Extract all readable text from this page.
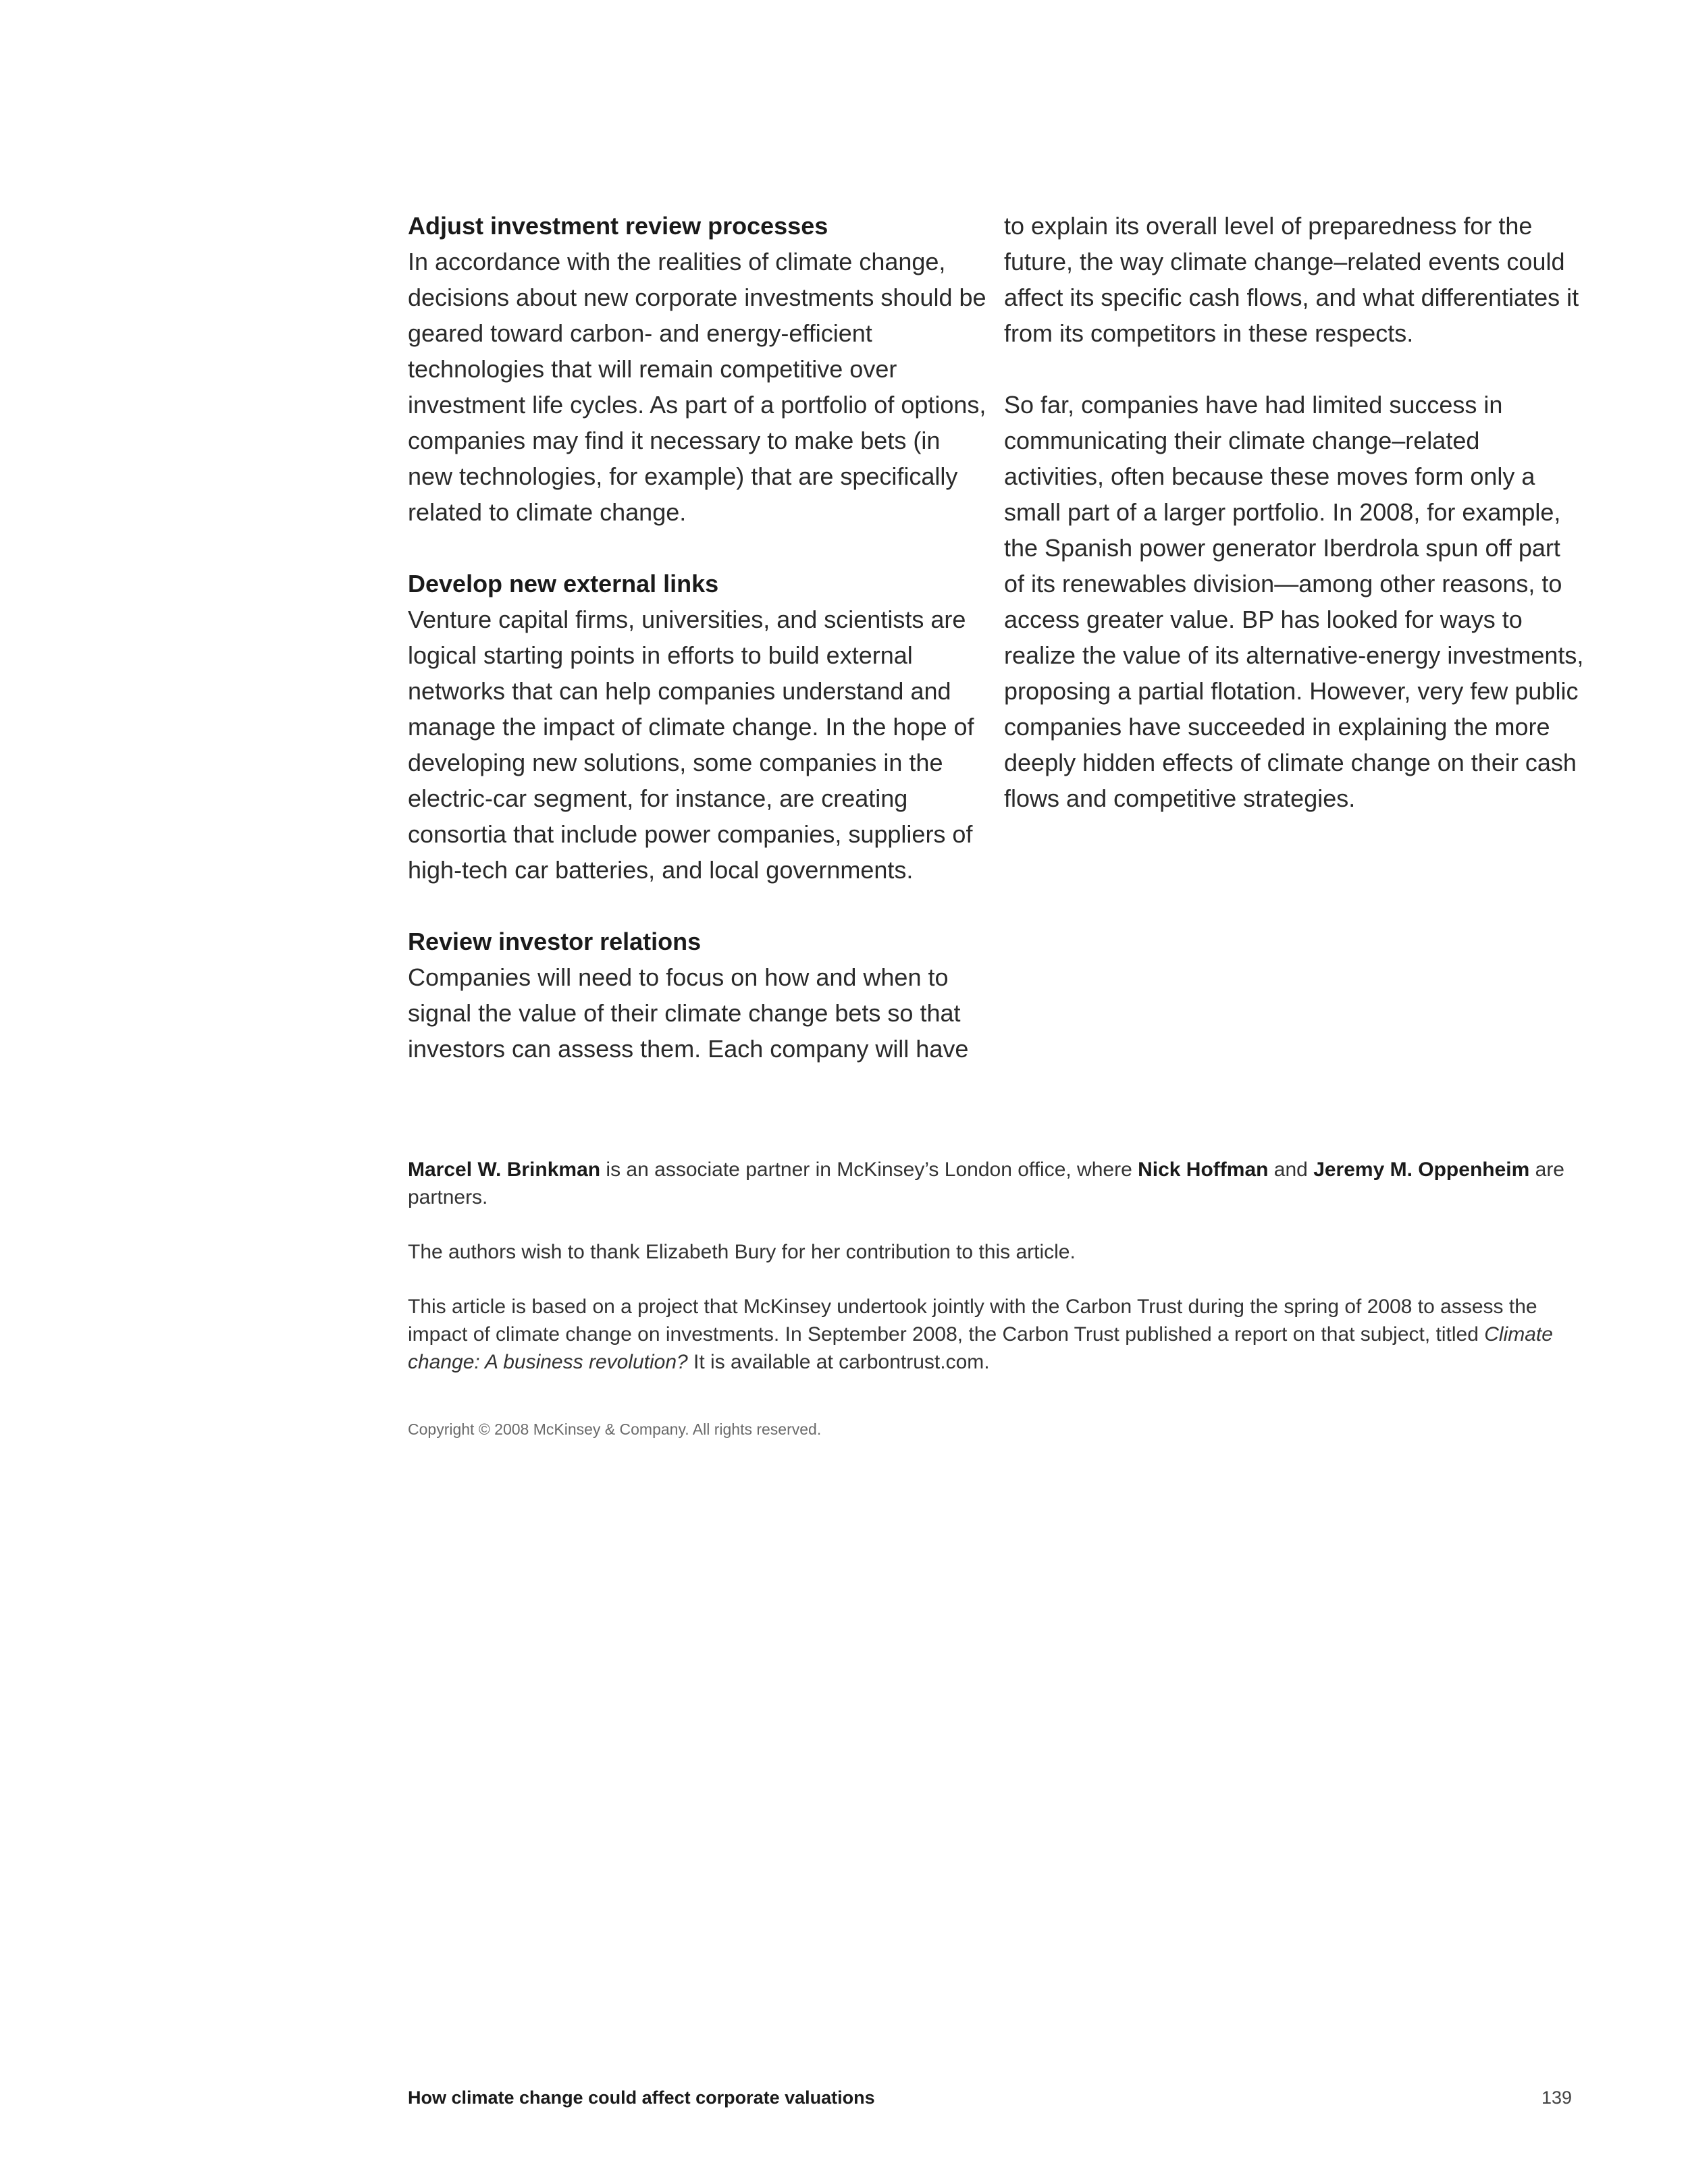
Adjust investment review processes

In accordance with the realities of climate change, decisions about new corporate investments should be geared toward carbon- and energy-efficient technologies that will remain competitive over investment life cycles. As part of a portfolio of options, companies may find it necessary to make bets (in new technologies, for example) that are specifically related to climate change.

Develop new external links

Venture capital firms, universities, and scientists are logical starting points in efforts to build external networks that can help companies understand and manage the impact of climate change. In the hope of developing new solutions, some companies in the electric-car segment, for instance, are creating consortia that include power companies, suppliers of high-tech car batteries, and local governments.

Review investor relations

Companies will need to focus on how and when to signal the value of their climate change bets so that investors can assess them. Each company will have

to explain its overall level of preparedness for the future, the way climate change–related events could affect its specific cash flows, and what differentiates it from its competitors in these respects.

So far, companies have had limited success in communicating their climate change–related activities, often because these moves form only a small part of a larger portfolio. In 2008, for example, the Spanish power generator Iberdrola spun off part of its renewables division—among other reasons, to access greater value. BP has looked for ways to realize the value of its alternative-energy investments, proposing a partial flotation. However, very few public companies have succeeded in explaining the more deeply hidden effects of climate change on their cash flows and competitive strategies.

Marcel W. Brinkman is an associate partner in McKinsey’s London office, where Nick Hoffman and Jeremy M. Oppenheim are partners.

The authors wish to thank Elizabeth Bury for her contribution to this article.

This article is based on a project that McKinsey undertook jointly with the Carbon Trust during the spring of 2008 to assess the impact of climate change on investments. In September 2008, the Carbon Trust published a report on that subject, titled Climate change: A business revolution? It is available at carbontrust.com.

Copyright © 2008 McKinsey & Company. All rights reserved.
How climate change could affect corporate valuations	139
